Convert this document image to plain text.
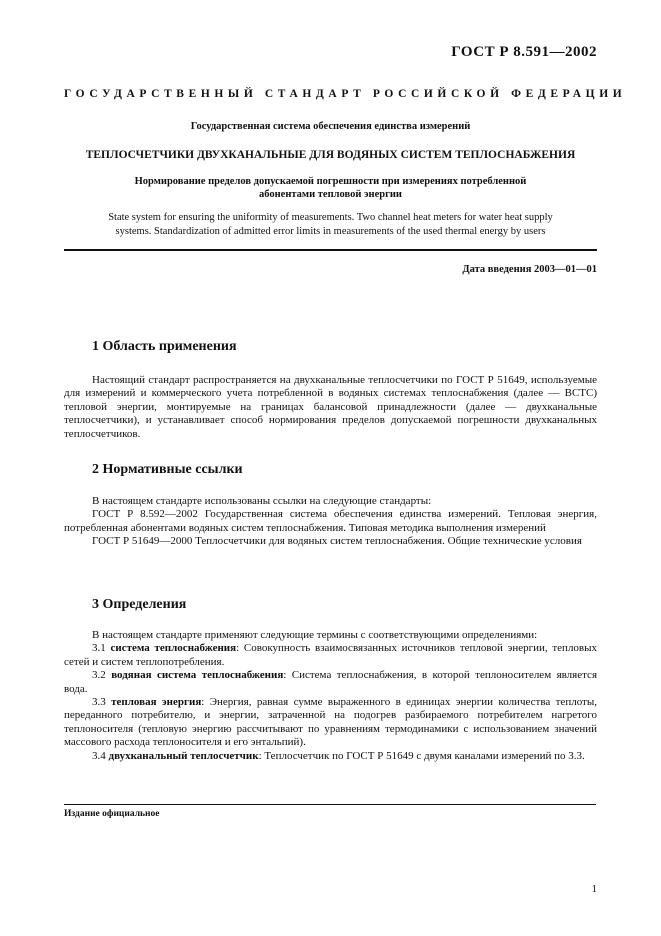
ГОСТ Р 8.591—2002
ГОСУДАРСТВЕННЫЙ СТАНДАРТ РОССИЙСКОЙ ФЕДЕРАЦИИ
Государственная система обеспечения единства измерений
ТЕПЛОСЧЕТЧИКИ ДВУХКАНАЛЬНЫЕ ДЛЯ ВОДЯНЫХ СИСТЕМ ТЕПЛОСНАБЖЕНИЯ
Нормирование пределов допускаемой погрешности при измерениях потребленной
абонентами тепловой энергии
State system for ensuring the uniformity of measurements. Two channel heat meters for water heat supply
systems. Standardization of admitted error limits in measurements of the used thermal energy by users
Дата введения 2003—01—01
1 Область применения

Настоящий стандарт распространяется на двухканальные теплосчетчики по ГОСТ Р 51649, используемые для измерений и коммерческого учета потребленной в водяных системах теплоснабжения (далее — ВСТС) тепловой энергии, монтируемые на границах балансовой принадлежности (далее — двухканальные теплосчетчики), и устанавливает способ нормирования пределов допускаемой погрешности двухканальных теплосчетчиков.

2 Нормативные ссылки

В настоящем стандарте использованы ссылки на следующие стандарты:

ГОСТ Р 8.592—2002 Государственная система обеспечения единства измерений. Тепловая энергия, потребленная абонентами водяных систем теплоснабжения. Типовая методика выполнения измерений

ГОСТ Р 51649—2000 Теплосчетчики для водяных систем теплоснабжения. Общие технические условия

3 Определения

В настоящем стандарте применяют следующие термины с соответствующими определениями:

3.1 система теплоснабжения: Совокупность взаимосвязанных источников тепловой энергии, тепловых сетей и систем теплопотребления.

3.2 водяная система теплоснабжения: Система теплоснабжения, в которой теплоносителем является вода.

3.3 тепловая энергия: Энергия, равная сумме выраженного в единицах энергии количества теплоты, переданного потребителю, и энергии, затраченной на подогрев разбираемого потребителем нагретого теплоносителя (тепловую энергию рассчитывают по уравнениям термодинамики с использованием значений массового расхода теплоносителя и его энтальпий).

3.4 двухканальный теплосчетчик: Теплосчетчик по ГОСТ Р 51649 с двумя каналами измерений по 3.3.

Издание официальное
1
